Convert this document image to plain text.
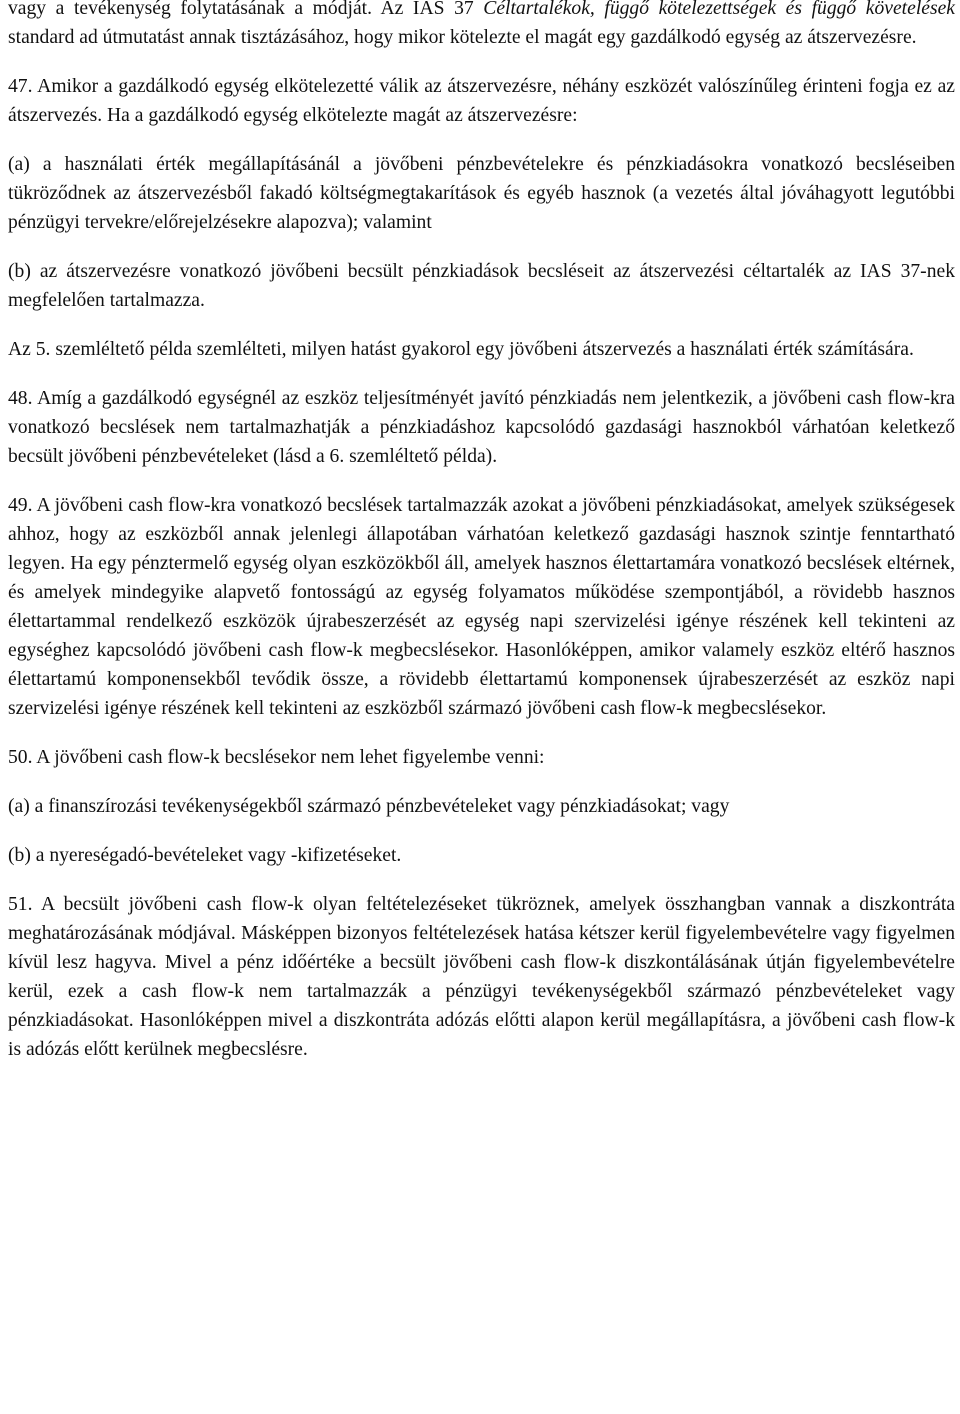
vagy a tevékenység folytatásának a módját. Az IAS 37 Céltartalékok, függő kötelezettségek és függő követelések standard ad útmutatást annak tisztázásához, hogy mikor kötelezte el magát egy gazdálkodó egység az átszervezésre.

47. Amikor a gazdálkodó egység elkötelezetté válik az átszervezésre, néhány eszközét valószínűleg érinteni fogja ez az átszervezés. Ha a gazdálkodó egység elkötelezte magát az átszervezésre:

(a) a használati érték megállapításánál a jövőbeni pénzbevételekre és pénzkiadásokra vonatkozó becsléseiben tükröződnek az átszervezésből fakadó költségmegtakarítások és egyéb hasznok (a vezetés által jóváhagyott legutóbbi pénzügyi tervekre/előrejelzésekre alapozva); valamint

(b) az átszervezésre vonatkozó jövőbeni becsült pénzkiadások becsléseit az átszervezési céltartalék az IAS 37-nek megfelelően tartalmazza.

Az 5. szemléltető példa szemlélteti, milyen hatást gyakorol egy jövőbeni átszervezés a használati érték számítására.

48. Amíg a gazdálkodó egységnél az eszköz teljesítményét javító pénzkiadás nem jelentkezik, a jövőbeni cash flow-kra vonatkozó becslések nem tartalmazhatják a pénzkiadáshoz kapcsolódó gazdasági hasznokból várhatóan keletkező becsült jövőbeni pénzbevételeket (lásd a 6. szemléltető példa).

49. A jövőbeni cash flow-kra vonatkozó becslések tartalmazzák azokat a jövőbeni pénzkiadásokat, amelyek szükségesek ahhoz, hogy az eszközből annak jelenlegi állapotában várhatóan keletkező gazdasági hasznok szintje fenntartható legyen. Ha egy pénztermelő egység olyan eszközökből áll, amelyek hasznos élettartamára vonatkozó becslések eltérnek, és amelyek mindegyike alapvető fontosságú az egység folyamatos működése szempontjából, a rövidebb hasznos élettartammal rendelkező eszközök újrabeszerzését az egység napi szervizelési igénye részének kell tekinteni az egységhez kapcsolódó jövőbeni cash flow-k megbecslésekor. Hasonlóképpen, amikor valamely eszköz eltérő hasznos élettartamú komponensekből tevődik össze, a rövidebb élettartamú komponensek újrabeszerzését az eszköz napi szervizelési igénye részének kell tekinteni az eszközből származó jövőbeni cash flow-k megbecslésekor.

50. A jövőbeni cash flow-k becslésekor nem lehet figyelembe venni:

(a) a finanszírozási tevékenységekből származó pénzbevételeket vagy pénzkiadásokat; vagy

(b) a nyereségadó-bevételeket vagy -kifizetéseket.

51. A becsült jövőbeni cash flow-k olyan feltételezéseket tükröznek, amelyek összhangban vannak a diszkontráta meghatározásának módjával. Másképpen bizonyos feltételezések hatása kétszer kerül figyelembevételre vagy figyelmen kívül lesz hagyva. Mivel a pénz időértéke a becsült jövőbeni cash flow-k diszkontálásának útján figyelembevételre kerül, ezek a cash flow-k nem tartalmazzák a pénzügyi tevékenységekből származó pénzbevételeket vagy pénzkiadásokat. Hasonlóképpen mivel a diszkontráta adózás előtti alapon kerül megállapításra, a jövőbeni cash flow-k is adózás előtt kerülnek megbecslésre.
